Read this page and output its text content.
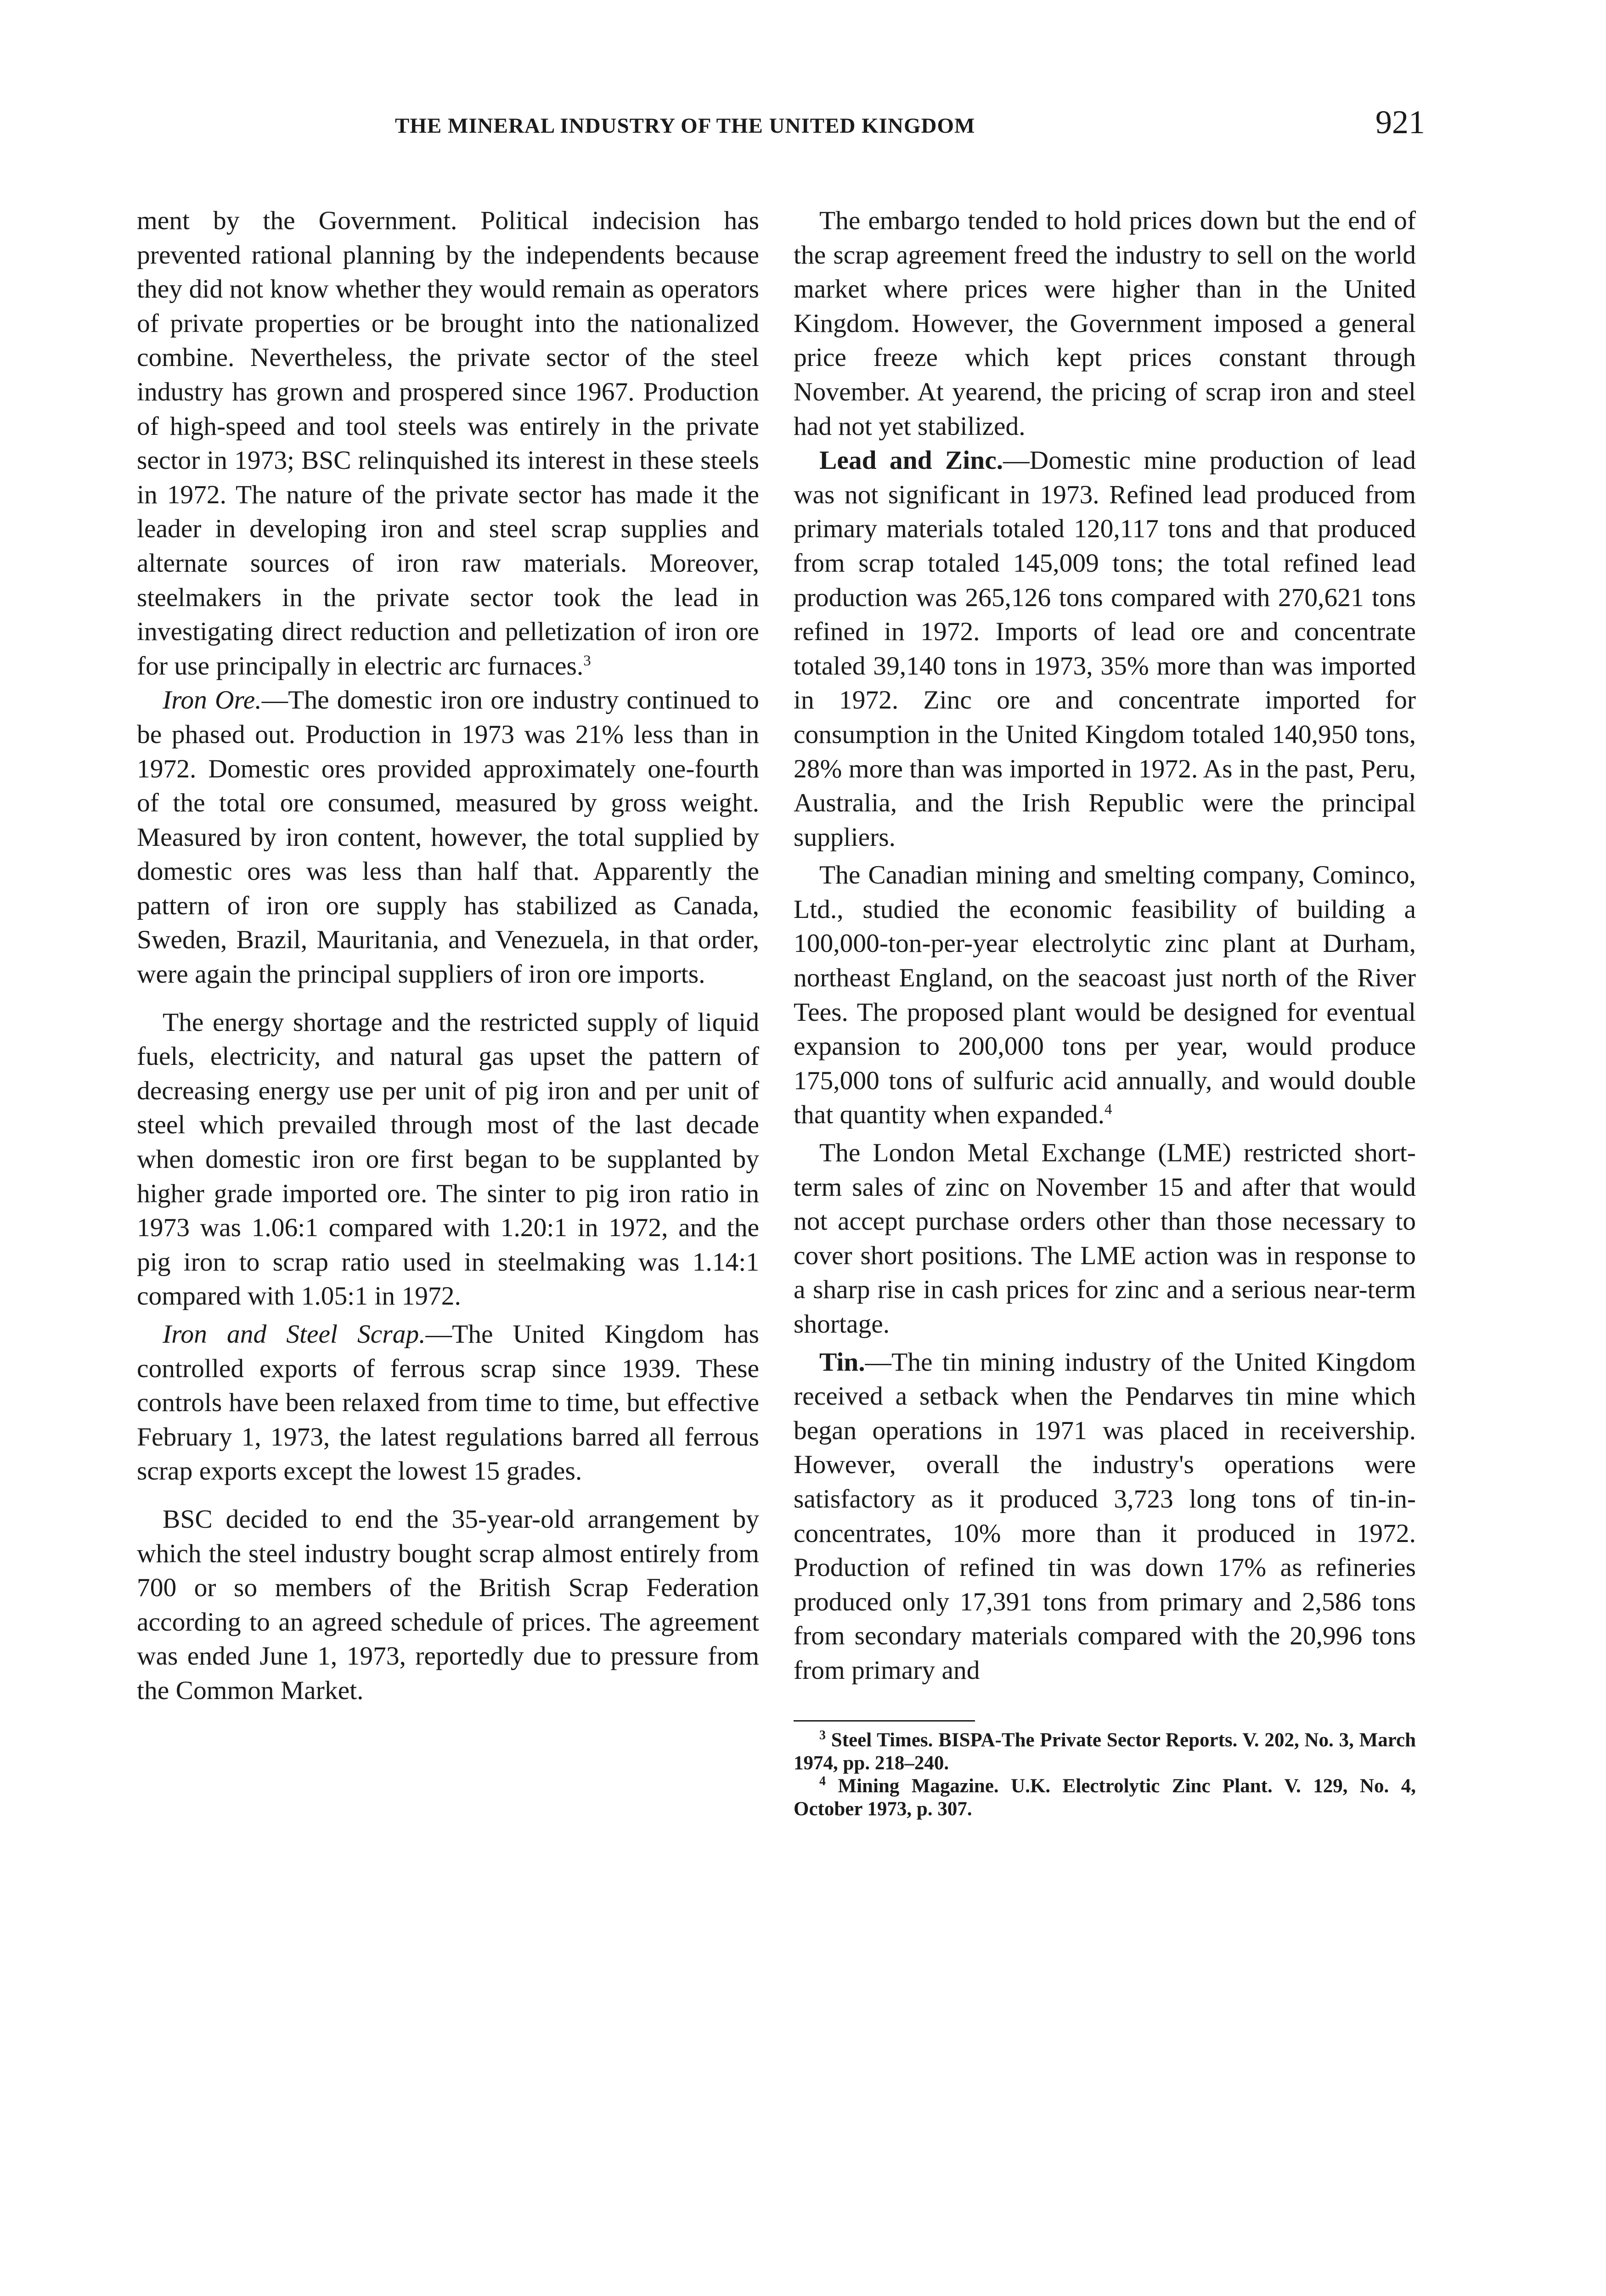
THE MINERAL INDUSTRY OF THE UNITED KINGDOM	921

ment by the Government. Political indecision has prevented rational planning by the independents because they did not know whether they would remain as operators of private properties or be brought into the nationalized combine. Nevertheless, the private sector of the steel industry has grown and prospered since 1967. Production of high-speed and tool steels was entirely in the private sector in 1973; BSC relinquished its interest in these steels in 1972. The nature of the private sector has made it the leader in developing iron and steel scrap supplies and alternate sources of iron raw materials. Moreover, steelmakers in the private sector took the lead in investigating direct reduction and pelletization of iron ore for use principally in electric arc furnaces.$^3$

Iron Ore.—The domestic iron ore industry continued to be phased out. Production in 1973 was 21% less than in 1972. Domestic ores provided approximately one-fourth of the total ore consumed, measured by gross weight. Measured by iron content, however, the total supplied by domestic ores was less than half that. Apparently the pattern of iron ore supply has stabilized as Canada, Sweden, Brazil, Mauritania, and Venezuela, in that order, were again the principal suppliers of iron ore imports.

The energy shortage and the restricted supply of liquid fuels, electricity, and natural gas upset the pattern of decreasing energy use per unit of pig iron and per unit of steel which prevailed through most of the last decade when domestic iron ore first began to be supplanted by higher grade imported ore. The sinter to pig iron ratio in 1973 was 1.06:1 compared with 1.20:1 in 1972, and the pig iron to scrap ratio used in steelmaking was 1.14:1 compared with 1.05:1 in 1972.

Iron and Steel Scrap.—The United Kingdom has controlled exports of ferrous scrap since 1939. These controls have been relaxed from time to time, but effective February 1, 1973, the latest regulations barred all ferrous scrap exports except the lowest 15 grades.

BSC decided to end the 35-year-old arrangement by which the steel industry bought scrap almost entirely from 700 or so members of the British Scrap Federation according to an agreed schedule of prices. The agreement was ended June 1, 1973, reportedly due to pressure from the Common Market.

The embargo tended to hold prices down but the end of the scrap agreement freed the industry to sell on the world market where prices were higher than in the United Kingdom. However, the Government imposed a general price freeze which kept prices constant through November. At yearend, the pricing of scrap iron and steel had not yet stabilized.

Lead and Zinc.—Domestic mine production of lead was not significant in 1973. Refined lead produced from primary materials totaled 120,117 tons and that produced from scrap totaled 145,009 tons; the total refined lead production was 265,126 tons compared with 270,621 tons refined in 1972. Imports of lead ore and concentrate totaled 39,140 tons in 1973, 35% more than was imported in 1972. Zinc ore and concentrate imported for consumption in the United Kingdom totaled 140,950 tons, 28% more than was imported in 1972. As in the past, Peru, Australia, and the Irish Republic were the principal suppliers.

The Canadian mining and smelting company, Cominco, Ltd., studied the economic feasibility of building a 100,000-ton-per-year electrolytic zinc plant at Durham, northeast England, on the seacoast just north of the River Tees. The proposed plant would be designed for eventual expansion to 200,000 tons per year, would produce 175,000 tons of sulfuric acid annually, and would double that quantity when expanded.$^4$

The London Metal Exchange (LME) restricted short-term sales of zinc on November 15 and after that would not accept purchase orders other than those necessary to cover short positions. The LME action was in response to a sharp rise in cash prices for zinc and a serious near-term shortage.

Tin.—The tin mining industry of the United Kingdom received a setback when the Pendarves tin mine which began operations in 1971 was placed in receivership. However, overall the industry's operations were satisfactory as it produced 3,723 long tons of tin-in-concentrates, 10% more than it produced in 1972. Production of refined tin was down 17% as refineries produced only 17,391 tons from primary and 2,586 tons from secondary materials compared with the 20,996 tons from primary and

$^3$ Steel Times. BISPA-The Private Sector Reports. V. 202, No. 3, March 1974, pp. 218–240.

$^4$ Mining Magazine. U.K. Electrolytic Zinc Plant. V. 129, No. 4, October 1973, p. 307.
